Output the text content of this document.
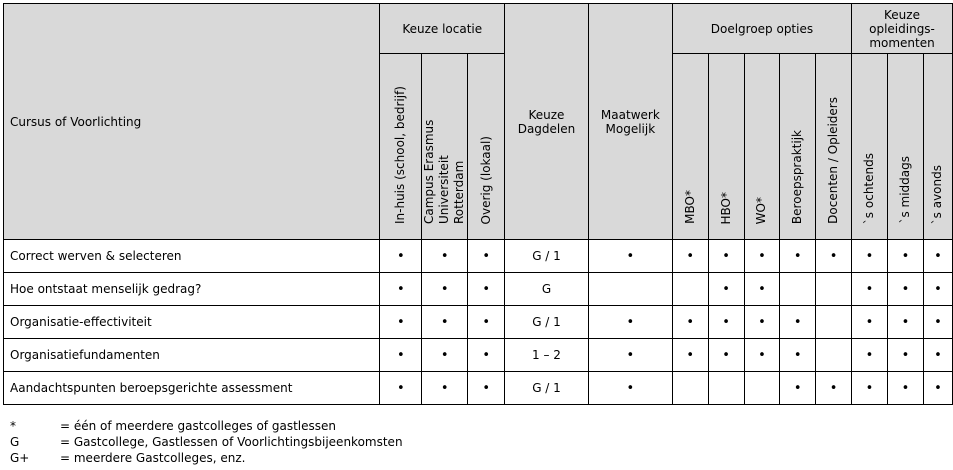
Cursus of Voorlichting	Keuze locatie			Keuze Dagdelen	Maatwerk Mogelijk	Doelgroep opties					Keuze opleidings-momenten		

	In-huis (school, bedrijf)	Campus Erasmus Universiteit Rotterdam	Overig (lokaal)			MBO*	HBO*	WO*	Beroepspraktijk	Docenten / Opleiders	`s ochtends	`s middags	`s avonds
Correct werven & selecteren	•	•	•	G / 1	•	•	•	•	•	•	•	•	•
Hoe ontstaat menselijk gedrag?	•	•	•	G			•	•			•	•	•
Organisatie-effectiviteit	•	•	•	G / 1	•	•	•	•	•		•	•	•
Organisatiefundamenten	•	•	•	1 – 2	•	•	•	•	•		•	•	•
Aandachtspunten beroepsgerichte assessment	•	•	•	G / 1	•				•	•	•	•	•
*	= één of meerdere gastcolleges of gastlessen
G	= Gastcollege, Gastlessen of Voorlichtingsbijeenkomsten
G+	= meerdere Gastcolleges, enz.
